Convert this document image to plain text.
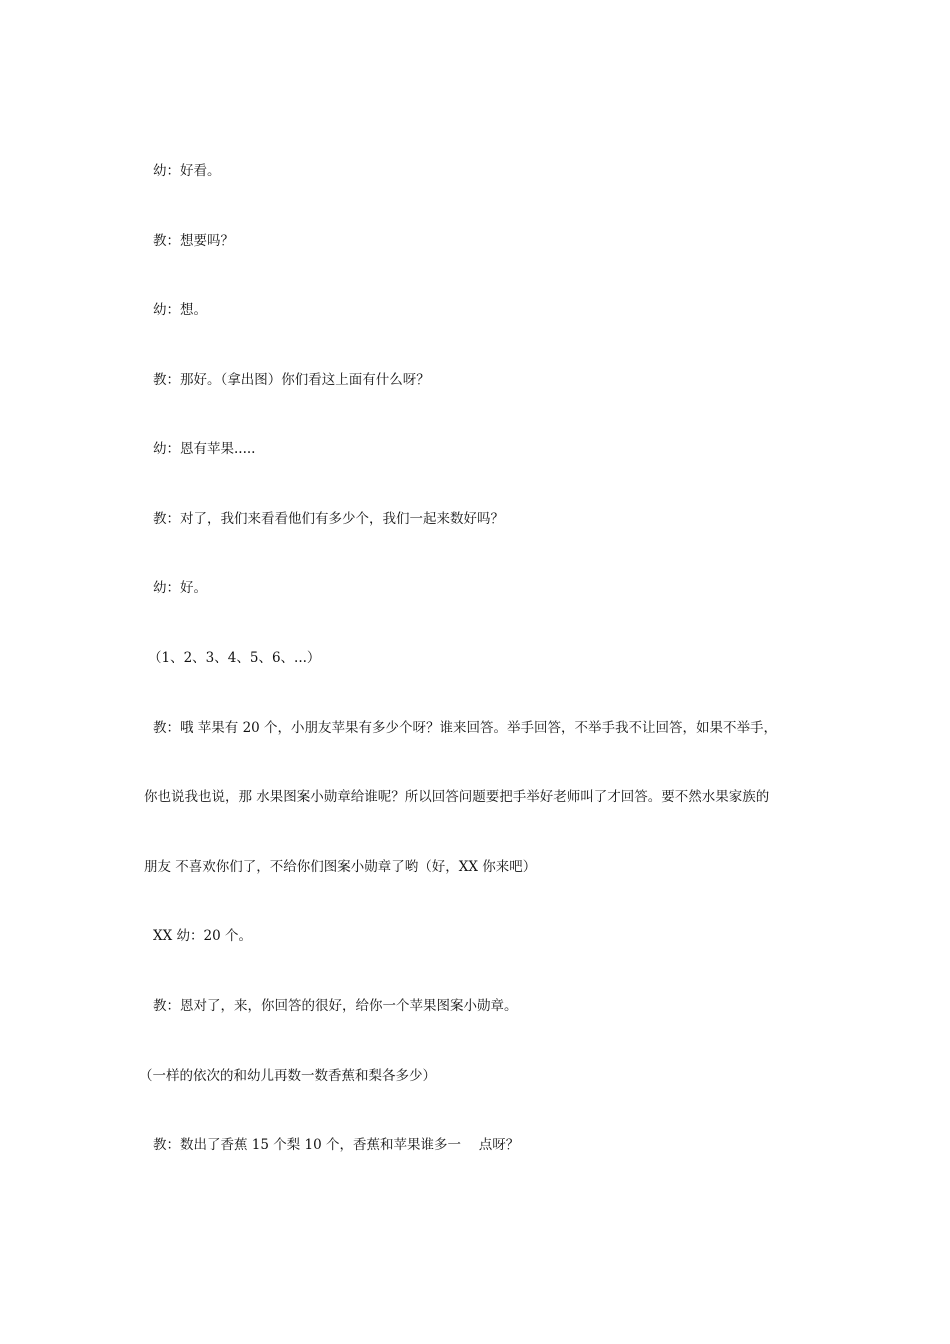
幼：好看。
教：想要吗？
幼：想。
教：那好。（拿出图）你们看这上面有什么呀？
幼：恩有苹果.....
教：对了，我们来看看他们有多少个，我们一起来数好吗？
幼：好。
（1、2、3、4、5、6、...）
教：哦 苹果有 20 个，小朋友苹果有多少个呀？谁来回答。举手回答，不举手我不让回答，如果不举手，
你也说我也说，那 水果图案小勋章给谁呢？所以回答问题要把手举好老师叫了才回答。要不然水果家族的
朋友 不喜欢你们了，不给你们图案小勋章了哟（好，XX 你来吧）
XX 幼：20 个。
教：恩对了，来，你回答的很好，给你一个苹果图案小勋章。
（一样的依次的和幼儿再数一数香蕉和梨各多少）
教：数出了香蕉 15 个梨 10 个，香蕉和苹果谁多一　 点呀？
